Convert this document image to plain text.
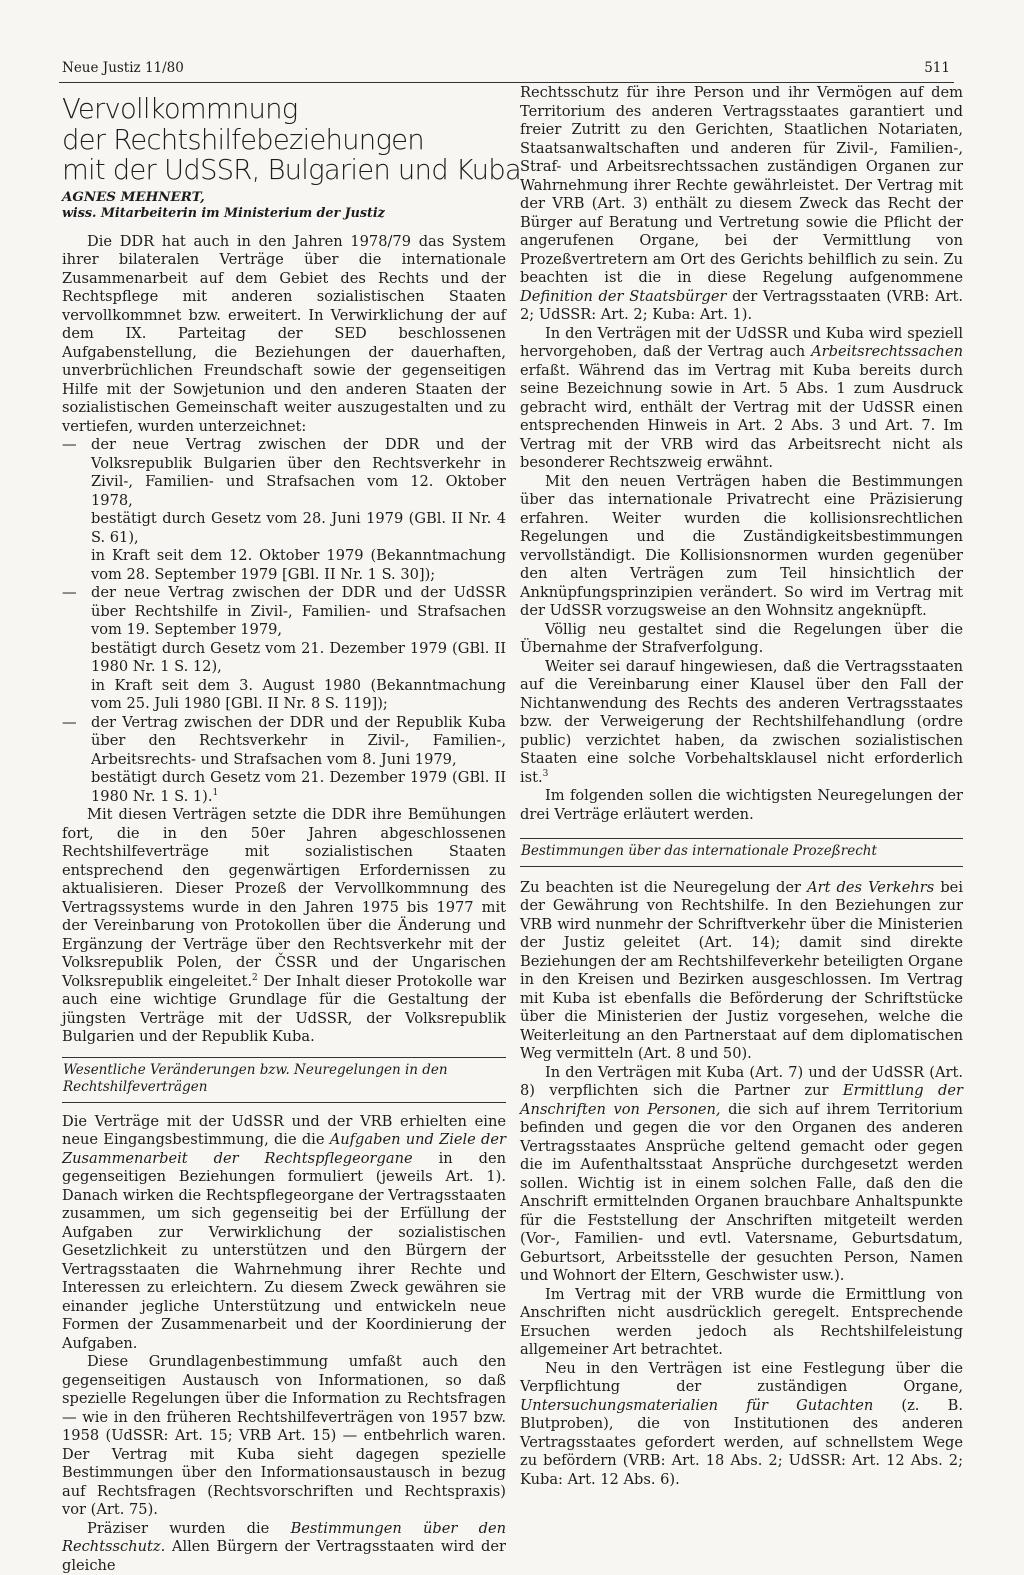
Neue Justiz 11/80	511
Vervollkommnung
der Rechtshilfebeziehungen
mit der UdSSR, Bulgarien und Kuba

AGNES MEHNERT,

wiss. Mitarbeiterin im Ministerium der Justiz

Die DDR hat auch in den Jahren 1978/79 das System ihrer bilateralen Verträge über die internationale Zusammenarbeit auf dem Gebiet des Rechts und der Rechtspflege mit anderen sozialistischen Staaten vervollkommnet bzw. erweitert. In Verwirklichung der auf dem IX. Parteitag der SED beschlossenen Aufgabenstellung, die Beziehungen der dauerhaften, unverbrüchlichen Freundschaft sowie der gegenseitigen Hilfe mit der Sowjetunion und den anderen Staaten der sozialistischen Gemeinschaft weiter auszugestalten und zu vertiefen, wurden unterzeichnet:

— der neue Vertrag zwischen der DDR und der Volksrepublik Bulgarien über den Rechtsverkehr in Zivil-, Familien- und Strafsachen vom 12. Oktober 1978,
bestätigt durch Gesetz vom 28. Juni 1979 (GBl. II Nr. 4 S. 61),
in Kraft seit dem 12. Oktober 1979 (Bekanntmachung vom 28. September 1979 [GBl. II Nr. 1 S. 30]);
— der neue Vertrag zwischen der DDR und der UdSSR über Rechtshilfe in Zivil-, Familien- und Strafsachen vom 19. September 1979,
bestätigt durch Gesetz vom 21. Dezember 1979 (GBl. II 1980 Nr. 1 S. 12),
in Kraft seit dem 3. August 1980 (Bekanntmachung vom 25. Juli 1980 [GBl. II Nr. 8 S. 119]);
— der Vertrag zwischen der DDR und der Republik Kuba über den Rechtsverkehr in Zivil-, Familien-, Arbeitsrechts- und Strafsachen vom 8. Juni 1979,
bestätigt durch Gesetz vom 21. Dezember 1979 (GBl. II 1980 Nr. 1 S. 1).$^1$

Mit diesen Verträgen setzte die DDR ihre Bemühungen fort, die in den 50er Jahren abgeschlossenen Rechtshilfeverträge mit sozialistischen Staaten entsprechend den gegenwärtigen Erfordernissen zu aktualisieren. Dieser Prozeß der Vervollkommnung des Vertragssystems wurde in den Jahren 1975 bis 1977 mit der Vereinbarung von Protokollen über die Änderung und Ergänzung der Verträge über den Rechtsverkehr mit der Volksrepublik Polen, der ČSSR und der Ungarischen Volksrepublik eingeleitet.$^2$ Der Inhalt dieser Protokolle war auch eine wichtige Grundlage für die Gestaltung der jüngsten Verträge mit der UdSSR, der Volksrepublik Bulgarien und der Republik Kuba.

Wesentliche Veränderungen bzw. Neuregelungen in den Rechtshilfeverträgen

Die Verträge mit der UdSSR und der VRB erhielten eine neue Eingangsbestimmung, die die Aufgaben und Ziele der Zusammenarbeit der Rechtspflegeorgane in den gegenseitigen Beziehungen formuliert (jeweils Art. 1). Danach wirken die Rechtspflegeorgane der Vertragsstaaten zusammen, um sich gegenseitig bei der Erfüllung der Aufgaben zur Verwirklichung der sozialistischen Gesetzlichkeit zu unterstützen und den Bürgern der Vertragsstaaten die Wahrnehmung ihrer Rechte und Interessen zu erleichtern. Zu diesem Zweck gewähren sie einander jegliche Unterstützung und entwickeln neue Formen der Zusammenarbeit und der Koordinierung der Aufgaben.

Diese Grundlagenbestimmung umfaßt auch den gegenseitigen Austausch von Informationen, so daß spezielle Regelungen über die Information zu Rechtsfragen — wie in den früheren Rechtshilfeverträgen von 1957 bzw. 1958 (UdSSR: Art. 15; VRB Art. 15) — entbehrlich waren. Der Vertrag mit Kuba sieht dagegen spezielle Bestimmungen über den Informationsaustausch in bezug auf Rechtsfragen (Rechtsvorschriften und Rechtspraxis) vor (Art. 75).

Präziser wurden die Bestimmungen über den Rechtsschutz. Allen Bürgern der Vertragsstaaten wird der gleiche

Rechtsschutz für ihre Person und ihr Vermögen auf dem Territorium des anderen Vertragsstaates garantiert und freier Zutritt zu den Gerichten, Staatlichen Notariaten, Staatsanwaltschaften und anderen für Zivil-, Familien-, Straf- und Arbeitsrechtssachen zuständigen Organen zur Wahrnehmung ihrer Rechte gewährleistet. Der Vertrag mit der VRB (Art. 3) enthält zu diesem Zweck das Recht der Bürger auf Beratung und Vertretung sowie die Pflicht der angerufenen Organe, bei der Vermittlung von Prozeßvertretern am Ort des Gerichts behilflich zu sein. Zu beachten ist die in diese Regelung aufgenommene Definition der Staatsbürger der Vertragsstaaten (VRB: Art. 2; UdSSR: Art. 2; Kuba: Art. 1).

In den Verträgen mit der UdSSR und Kuba wird speziell hervorgehoben, daß der Vertrag auch Arbeitsrechtssachen erfaßt. Während das im Vertrag mit Kuba bereits durch seine Bezeichnung sowie in Art. 5 Abs. 1 zum Ausdruck gebracht wird, enthält der Vertrag mit der UdSSR einen entsprechenden Hinweis in Art. 2 Abs. 3 und Art. 7. Im Vertrag mit der VRB wird das Arbeitsrecht nicht als besonderer Rechtszweig erwähnt.

Mit den neuen Verträgen haben die Bestimmungen über das internationale Privatrecht eine Präzisierung erfahren. Weiter wurden die kollisionsrechtlichen Regelungen und die Zuständigkeitsbestimmungen vervollständigt. Die Kollisionsnormen wurden gegenüber den alten Verträgen zum Teil hinsichtlich der Anknüpfungsprinzipien verändert. So wird im Vertrag mit der UdSSR vorzugsweise an den Wohnsitz angeknüpft.

Völlig neu gestaltet sind die Regelungen über die Übernahme der Strafverfolgung.

Weiter sei darauf hingewiesen, daß die Vertragsstaaten auf die Vereinbarung einer Klausel über den Fall der Nichtanwendung des Rechts des anderen Vertragsstaates bzw. der Verweigerung der Rechtshilfehandlung (ordre public) verzichtet haben, da zwischen sozialistischen Staaten eine solche Vorbehaltsklausel nicht erforderlich ist.$^3$

Im folgenden sollen die wichtigsten Neuregelungen der drei Verträge erläutert werden.

Bestimmungen über das internationale Prozeßrecht

Zu beachten ist die Neuregelung der Art des Verkehrs bei der Gewährung von Rechtshilfe. In den Beziehungen zur VRB wird nunmehr der Schriftverkehr über die Ministerien der Justiz geleitet (Art. 14); damit sind direkte Beziehungen der am Rechtshilfeverkehr beteiligten Organe in den Kreisen und Bezirken ausgeschlossen. Im Vertrag mit Kuba ist ebenfalls die Beförderung der Schriftstücke über die Ministerien der Justiz vorgesehen, welche die Weiterleitung an den Partnerstaat auf dem diplomatischen Weg vermitteln (Art. 8 und 50).

In den Verträgen mit Kuba (Art. 7) und der UdSSR (Art. 8) verpflichten sich die Partner zur Ermittlung der Anschriften von Personen, die sich auf ihrem Territorium befinden und gegen die vor den Organen des anderen Vertragsstaates Ansprüche geltend gemacht oder gegen die im Aufenthaltsstaat Ansprüche durchgesetzt werden sollen. Wichtig ist in einem solchen Falle, daß den die Anschrift ermittelnden Organen brauchbare Anhaltspunkte für die Feststellung der Anschriften mitgeteilt werden (Vor-, Familien- und evtl. Vatersname, Geburtsdatum, Geburtsort, Arbeitsstelle der gesuchten Person, Namen und Wohnort der Eltern, Geschwister usw.).

Im Vertrag mit der VRB wurde die Ermittlung von Anschriften nicht ausdrücklich geregelt. Entsprechende Ersuchen werden jedoch als Rechtshilfeleistung allgemeiner Art betrachtet.

Neu in den Verträgen ist eine Festlegung über die Verpflichtung der zuständigen Organe, Untersuchungsmaterialien für Gutachten (z. B. Blutproben), die von Institutionen des anderen Vertragsstaates gefordert werden, auf schnellstem Wege zu befördern (VRB: Art. 18 Abs. 2; UdSSR: Art. 12 Abs. 2; Kuba: Art. 12 Abs. 6).
